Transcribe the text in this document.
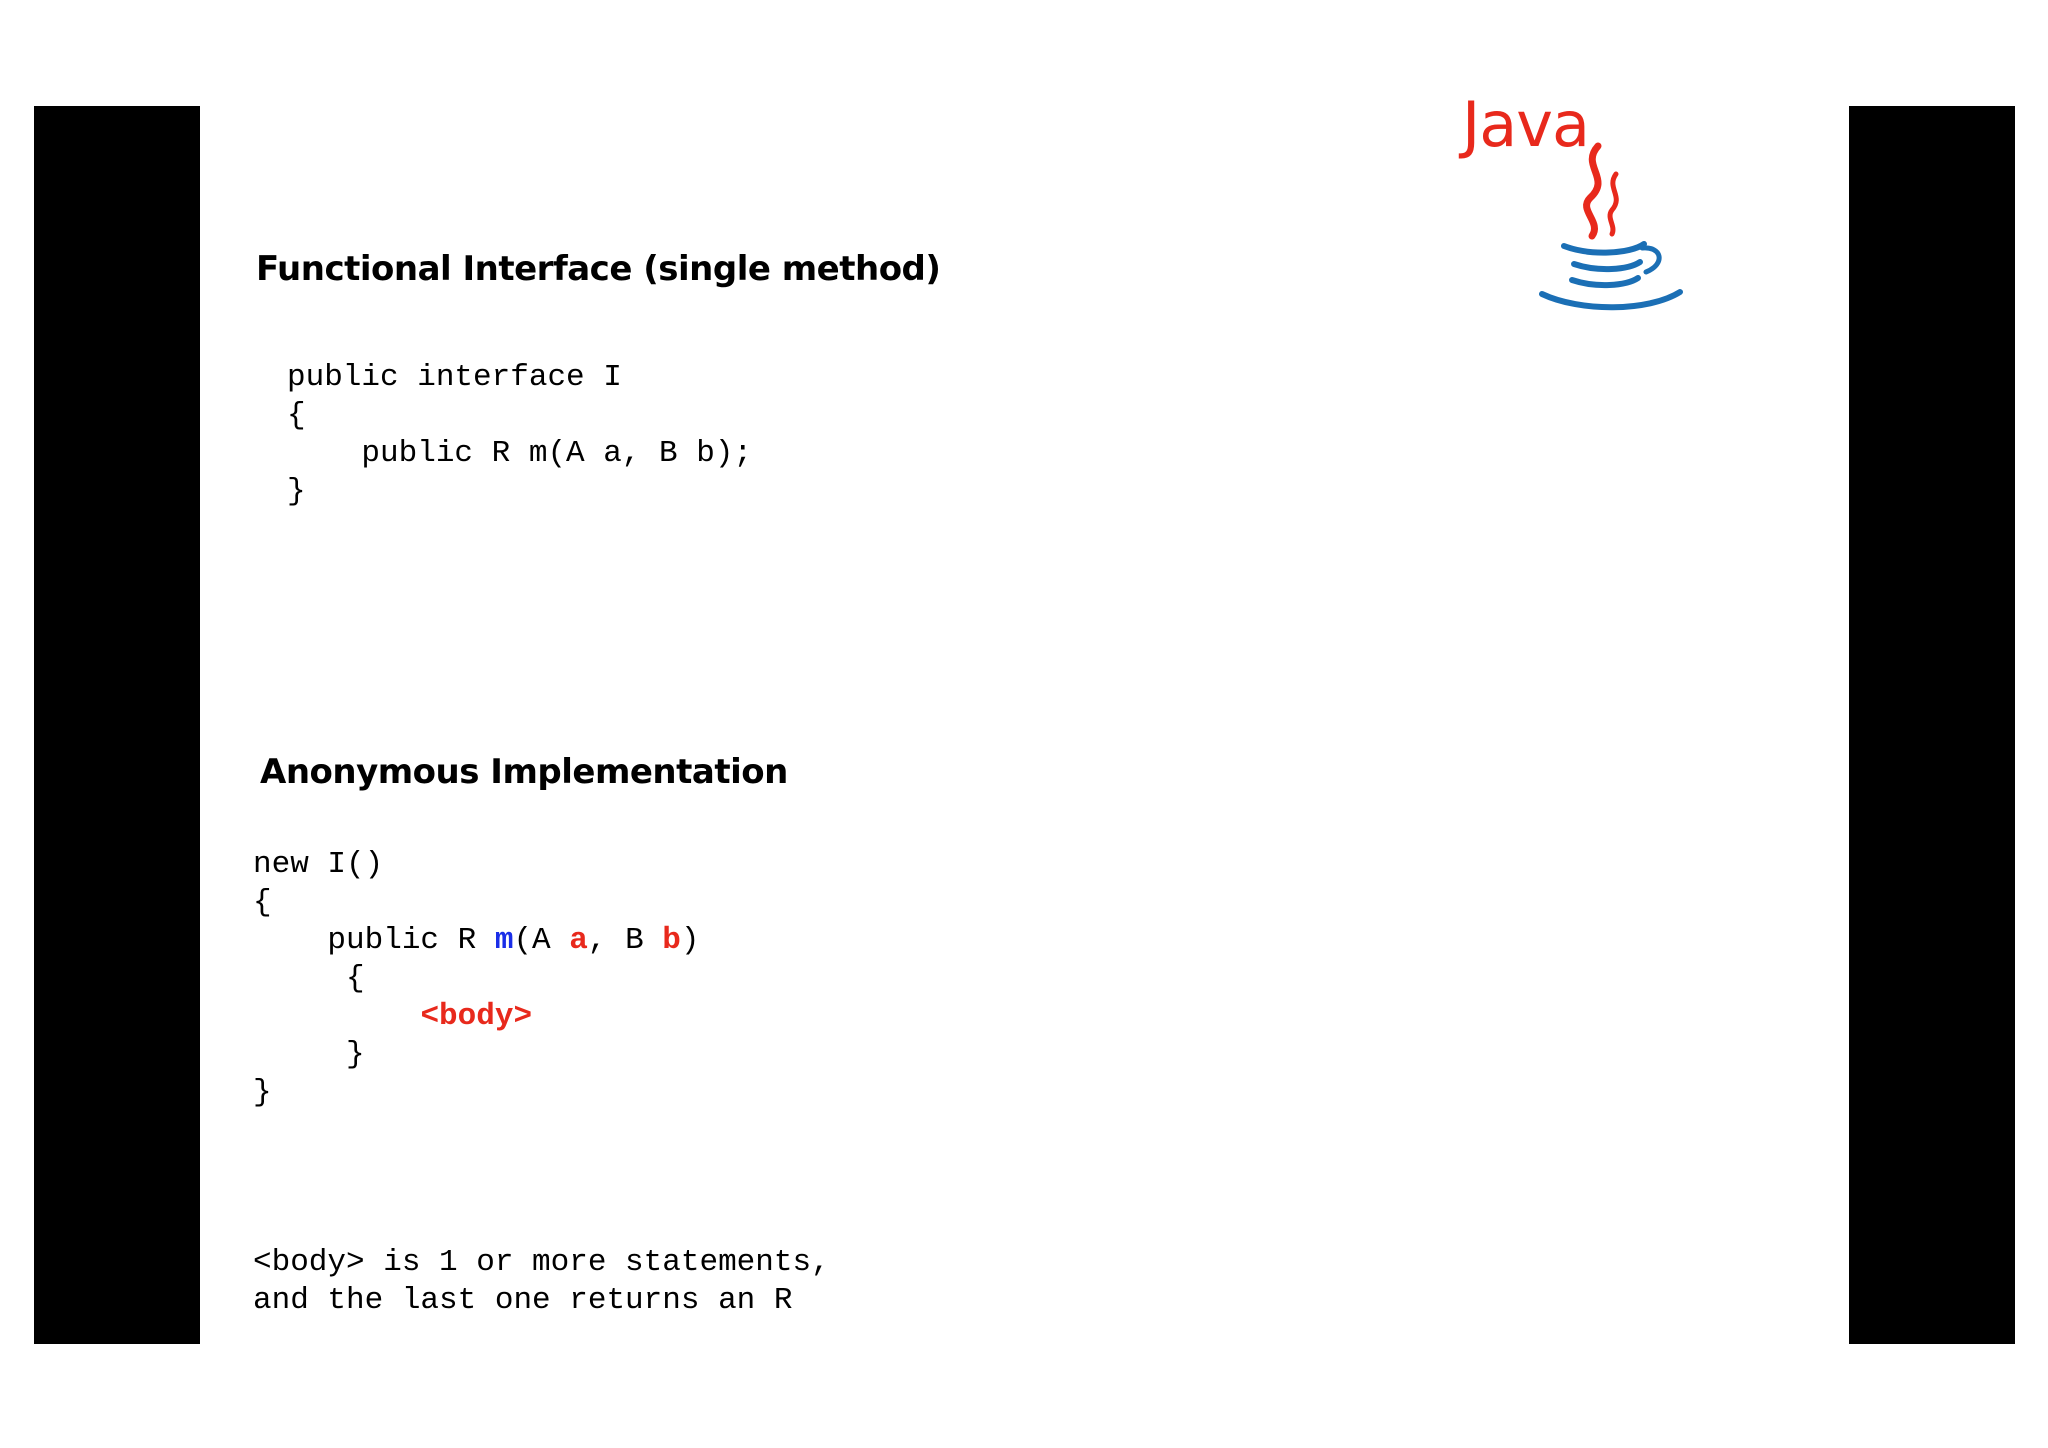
Functional Interface (single method)
public interface I
{
public R m(A a, B b);
}
Anonymous Implementation
new I()
{
public R m(A a, B b)
{
<body>
}
}
<body> is 1 or more statements,
and the last one returns an R
Java
